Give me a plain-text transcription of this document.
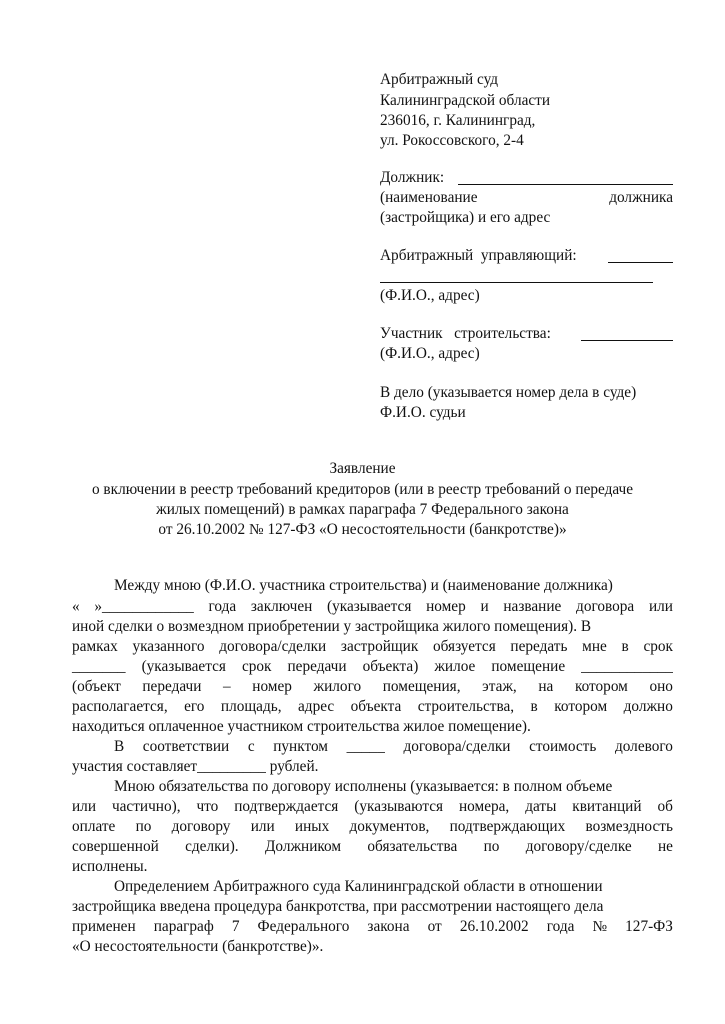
Арбитражный суд
Калининградской области
236016, г. Калининград,
ул. Рокоссовского, 2-4
Должник:
(наименование	должника
(застройщика) и его адрес
Арбитражный  управляющий:
(Ф.И.О., адрес)
Участник   строительства:
(Ф.И.О., адрес)
В дело (указывается номер дела в суде)
Ф.И.О. судьи
Заявление
о включении в реестр требований кредиторов (или в реестр требований о передаче
жилых помещений) в рамках параграфа 7 Федерального закона
от 26.10.2002 № 127-ФЗ «О несостоятельности (банкротстве)»
Между мною (Ф.И.О. участника строительства) и (наименование должника)
« »____________ года заключен (указывается номер и название договора или
иной сделки о возмездном приобретении у застройщика жилого помещения). В
рамках указанного договора/сделки застройщик обязуется передать мне в срок
_______ (указывается срок передачи объекта) жилое помещение ____________
(объект передачи – номер жилого помещения, этаж, на котором оно
располагается, его площадь, адрес объекта строительства, в котором должно
находиться оплаченное участником строительства жилое помещение).
В соответствии с пунктом _____ договора/сделки стоимость долевого
участия составляет_________ рублей.
Мною обязательства по договору исполнены (указывается: в полном объеме
или частично), что подтверждается (указываются номера, даты квитанций об
оплате по договору или иных документов, подтверждающих возмездность
совершенной сделки). Должником обязательства по договору/сделке не
исполнены.
Определением Арбитражного суда Калининградской области в отношении
застройщика введена процедура банкротства, при рассмотрении настоящего дела
применен параграф 7 Федерального закона от 26.10.2002 года № 127-ФЗ
«О несостоятельности (банкротстве)».
